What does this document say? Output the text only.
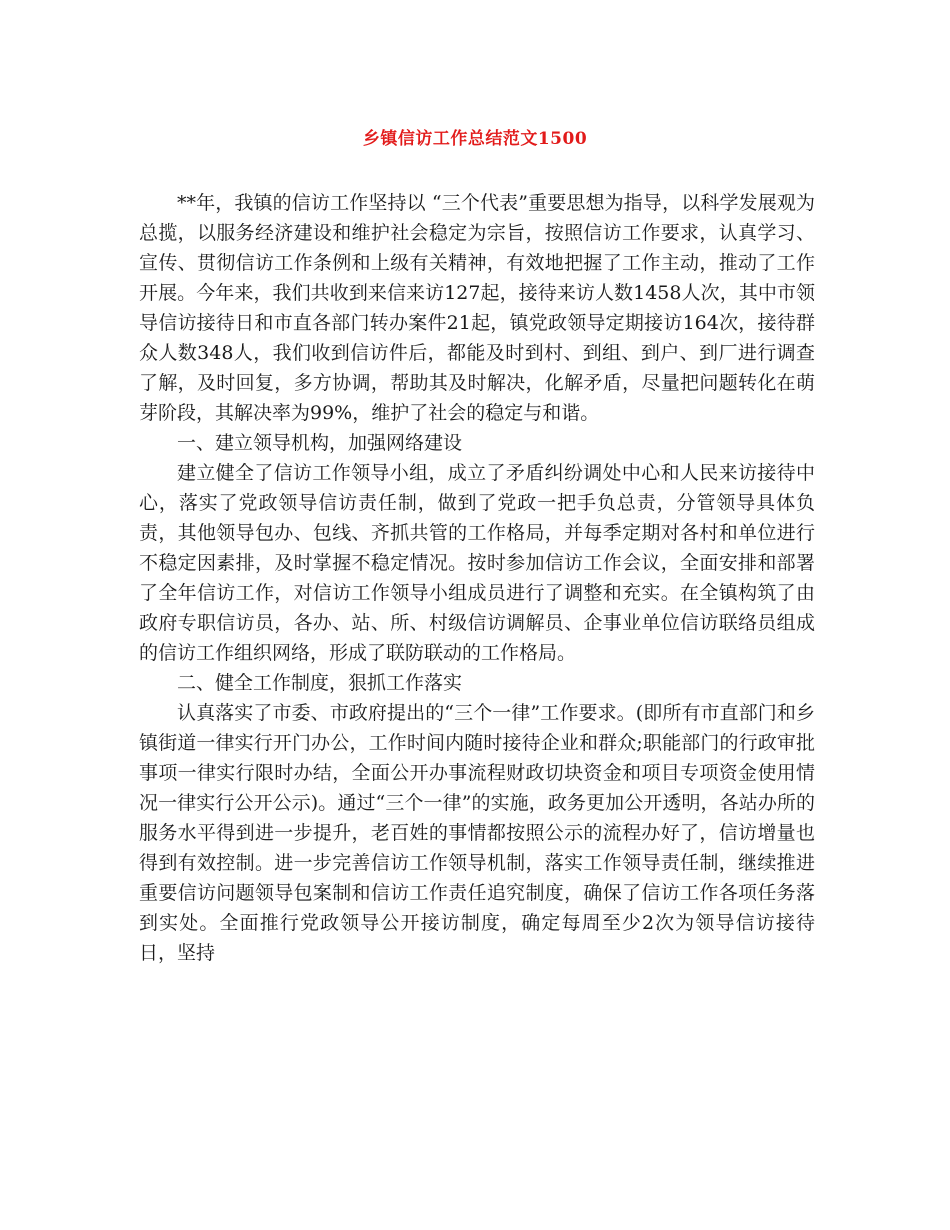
乡镇信访工作总结范文1500

**年，我镇的信访工作坚持以 “三个代表”重要思想为指导，以科学发展观为总揽，以服务经济建设和维护社会稳定为宗旨，按照信访工作要求，认真学习、宣传、贯彻信访工作条例和上级有关精神，有效地把握了工作主动，推动了工作开展。今年来，我们共收到来信来访127起，接待来访人数1458人次，其中市领导信访接待日和市直各部门转办案件21起，镇党政领导定期接访164次，接待群众人数348人，我们收到信访件后，都能及时到村、到组、到户、到厂进行调查了解，及时回复，多方协调，帮助其及时解决，化解矛盾，尽量把问题转化在萌芽阶段，其解决率为99%，维护了社会的稳定与和谐。

一、建立领导机构，加强网络建设

建立健全了信访工作领导小组，成立了矛盾纠纷调处中心和人民来访接待中心，落实了党政领导信访责任制，做到了党政一把手负总责，分管领导具体负责，其他领导包办、包线、齐抓共管的工作格局，并每季定期对各村和单位进行不稳定因素排，及时掌握不稳定情况。按时参加信访工作会议，全面安排和部署了全年信访工作，对信访工作领导小组成员进行了调整和充实。在全镇构筑了由政府专职信访员，各办、站、所、村级信访调解员、企事业单位信访联络员组成的信访工作组织网络，形成了联防联动的工作格局。

二、健全工作制度，狠抓工作落实

认真落实了市委、市政府提出的“三个一律”工作要求。(即所有市直部门和乡镇街道一律实行开门办公，工作时间内随时接待企业和群众;职能部门的行政审批事项一律实行限时办结，全面公开办事流程财政切块资金和项目专项资金使用情况一律实行公开公示)。通过“三个一律”的实施，政务更加公开透明，各站办所的服务水平得到进一步提升，老百姓的事情都按照公示的流程办好了，信访增量也得到有效控制。进一步完善信访工作领导机制，落实工作领导责任制，继续推进重要信访问题领导包案制和信访工作责任追究制度，确保了信访工作各项任务落到实处。全面推行党政领导公开接访制度，确定每周至少2次为领导信访接待日，坚持
